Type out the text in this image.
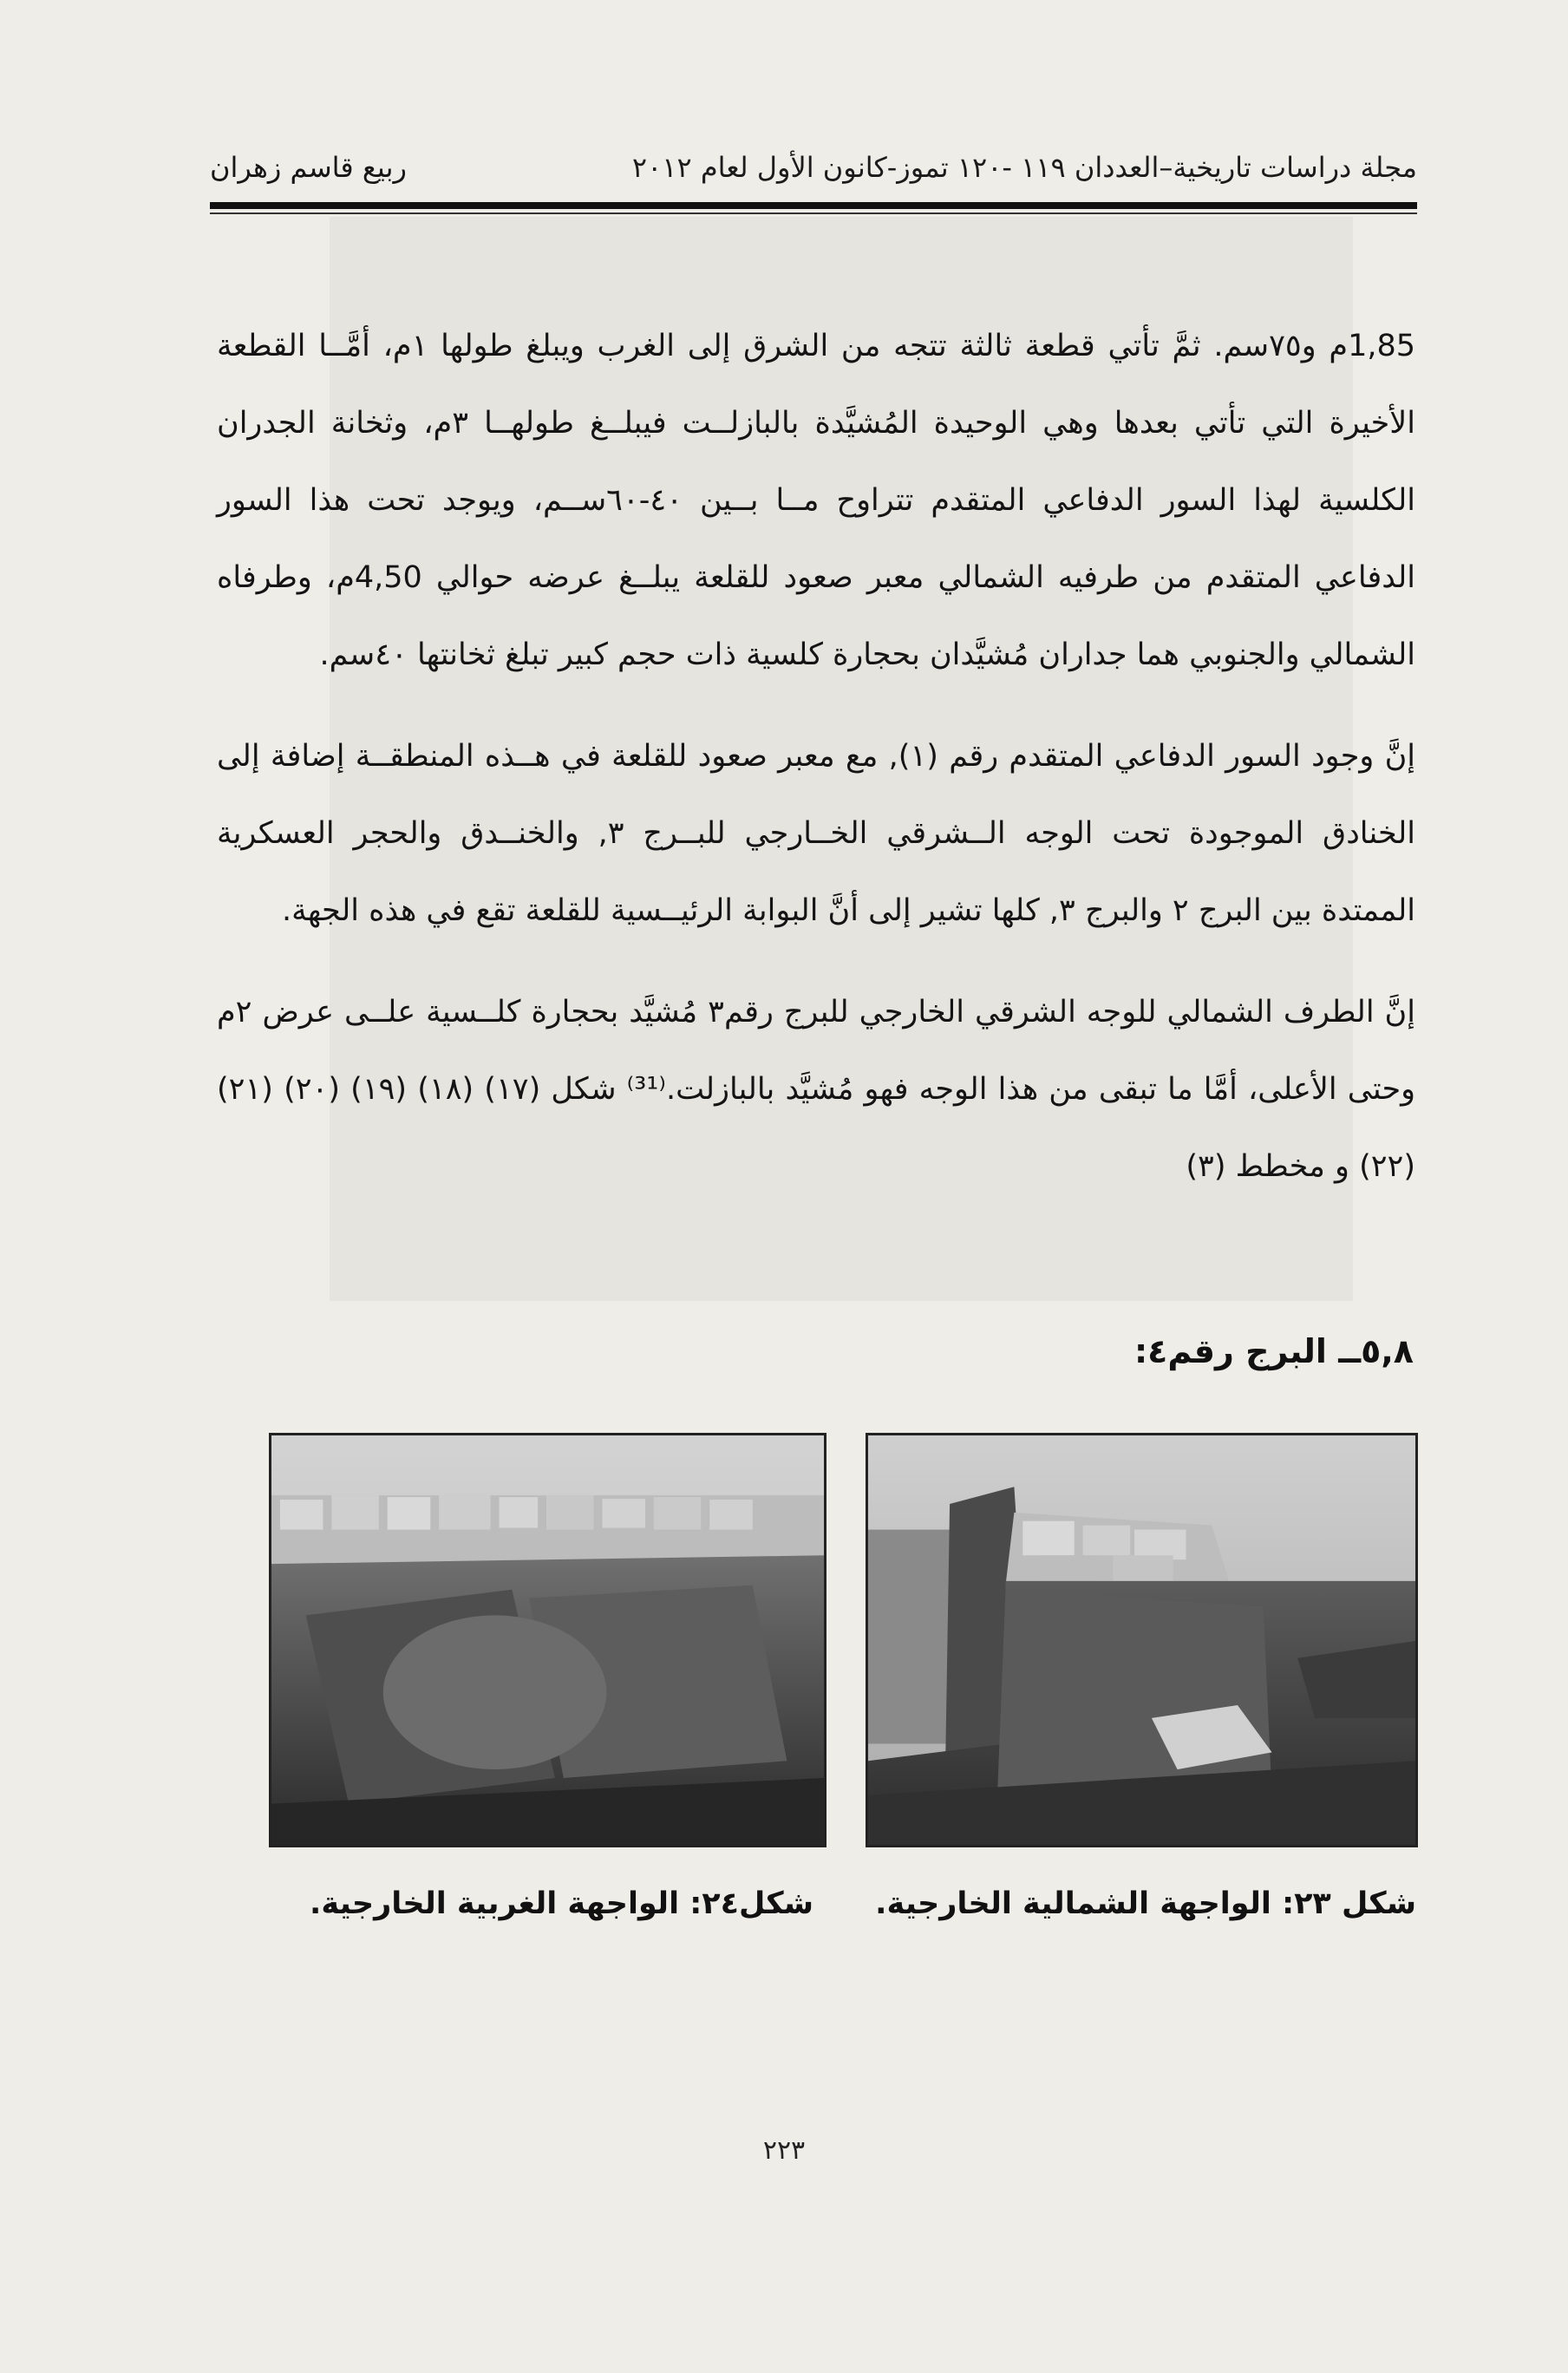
مجلة دراسات تاريخية–العددان ١١٩ -١٢٠ تموز-كانون الأول لعام ٢٠١٢
ربيع قاسم زهران

1,85م و٧٥سم. ثمَّ تأتي قطعة ثالثة تتجه من الشرق إلى الغرب ويبلغ طولها ١م، أمَّــا القطعة الأخيرة التي تأتي بعدها وهي الوحيدة المُشيَّدة بالبازلــت فيبلــغ طولهــا ٣م، وثخانة الجدران الكلسية لهذا السور الدفاعي المتقدم تتراوح مــا بــين ٤٠-٦٠ســم، ويوجد تحت هذا السور الدفاعي المتقدم من طرفيه الشمالي معبر صعود للقلعة يبلــغ عرضه حوالي 4,50م، وطرفاه الشمالي والجنوبي هما جداران مُشيَّدان بحجارة كلسية ذات حجم كبير تبلغ ثخانتها ٤٠سم.

إنَّ وجود السور الدفاعي المتقدم رقم (١), مع معبر صعود للقلعة في هــذه المنطقــة إضافة إلى الخنادق الموجودة تحت الوجه الــشرقي الخــارجي للبــرج ٣, والخنــدق والحجر العسكرية الممتدة بين البرج ٢ والبرج ٣, كلها تشير إلى أنَّ البوابة الرئيــسية للقلعة تقع في هذه الجهة.

إنَّ الطرف الشمالي للوجه الشرقي الخارجي للبرج رقم٣ مُشيَّد بحجارة كلــسية علــى عرض ٢م وحتى الأعلى، أمَّا ما تبقى من هذا الوجه فهو مُشيَّد بالبازلت.⁽³¹⁾ شكل (١٧) (١٨) (١٩) (٢٠) (٢١) (٢٢) و مخطط (٣)

٥,٨ــ البرج رقم٤:
شكل ٢٣: الواجهة الشمالية الخارجية.
شكل٢٤: الواجهة الغربية الخارجية.
٢٢٣
